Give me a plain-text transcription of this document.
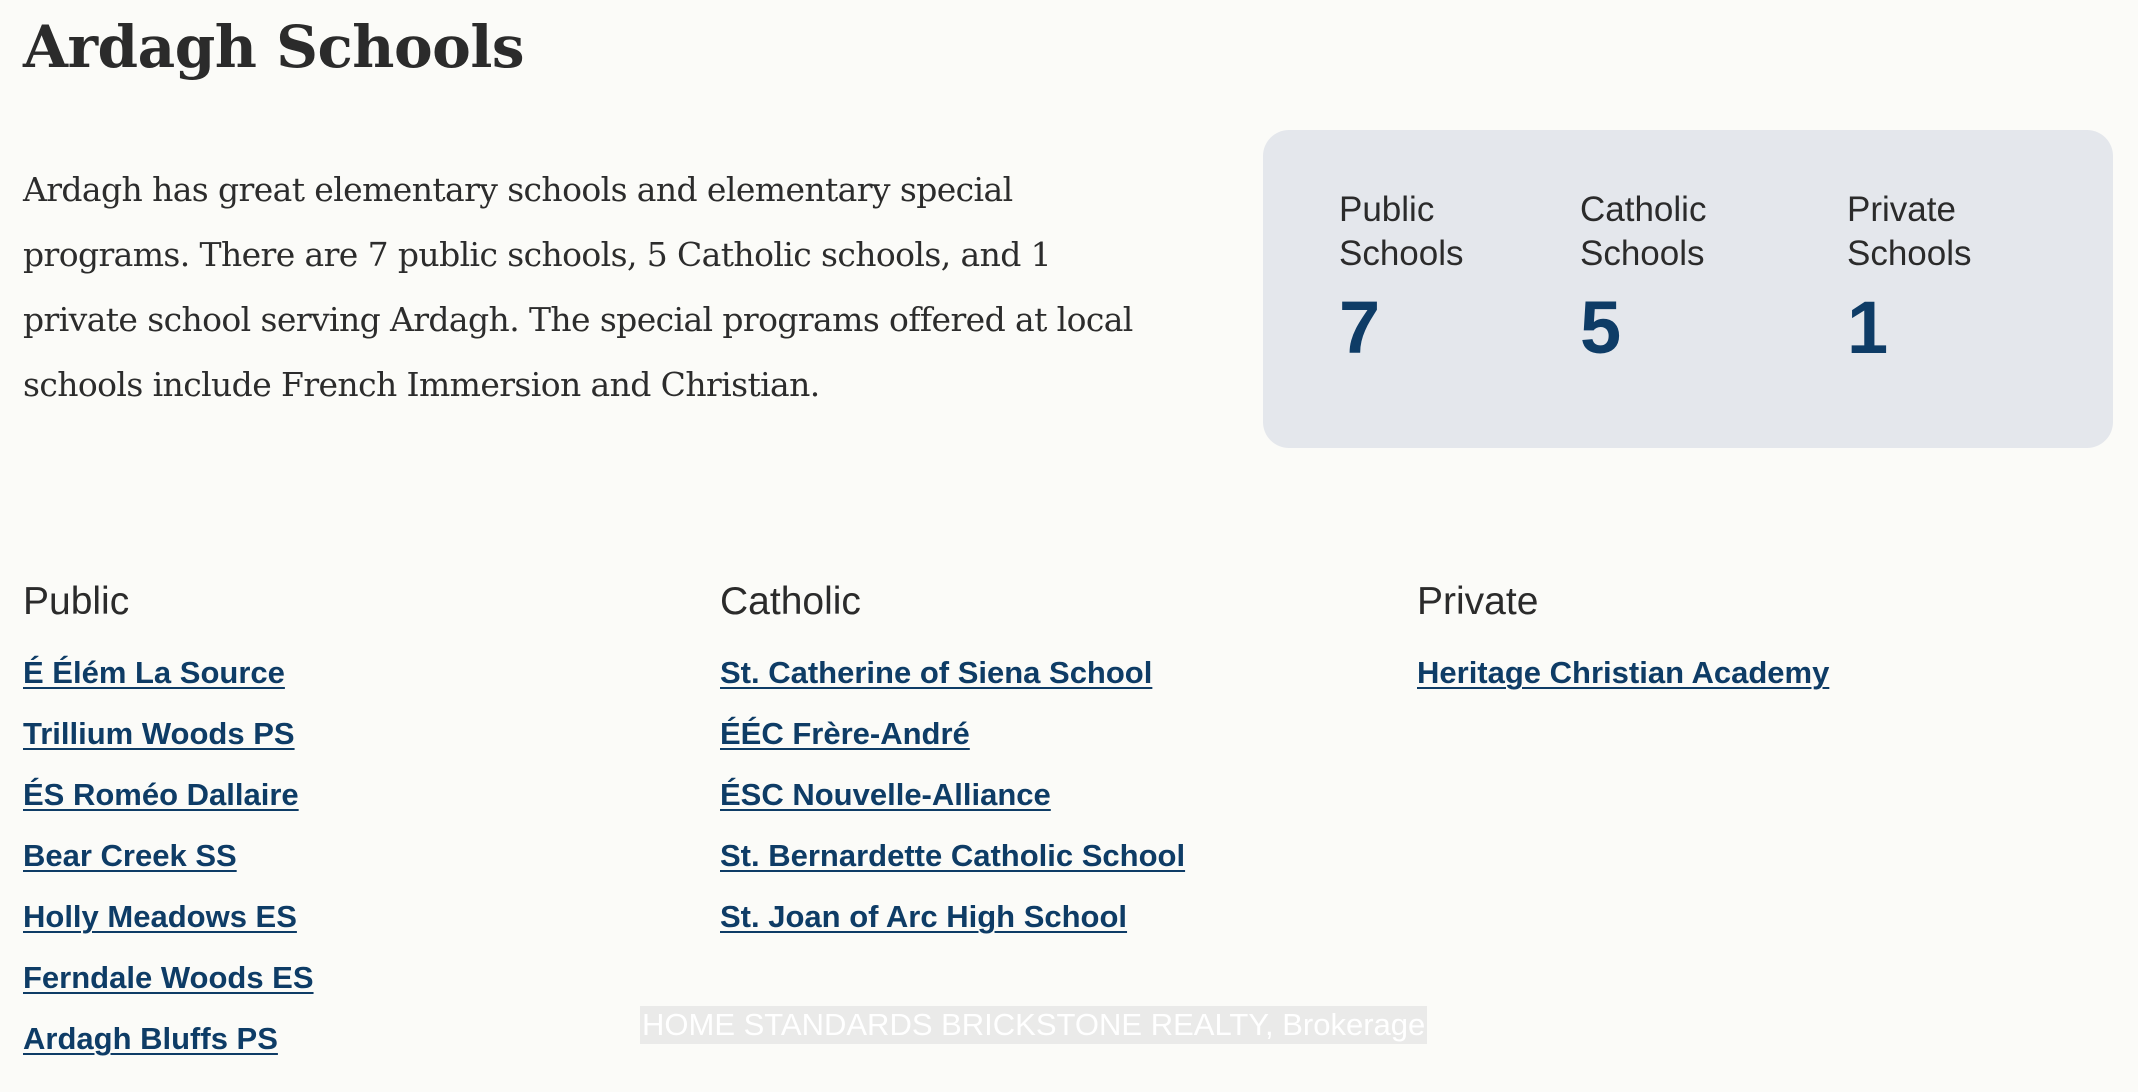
Ardagh Schools

Ardagh has great elementary schools and elementary special programs. There are 7 public schools, 5 Catholic schools, and 1 private school serving Ardagh. The special programs offered at local schools include French Immersion and Christian.

Public Schools
7
Catholic Schools
5
Private Schools
1
Public
É Élém La Source
Trillium Woods PS
ÉS Roméo Dallaire
Bear Creek SS
Holly Meadows ES
Ferndale Woods ES
Ardagh Bluffs PS
Catholic
St. Catherine of Siena School
ÉÉC Frère-André
ÉSC Nouvelle-Alliance
St. Bernardette Catholic School
St. Joan of Arc High School
Private
Heritage Christian Academy
HOME STANDARDS BRICKSTONE REALTY, Brokerage
